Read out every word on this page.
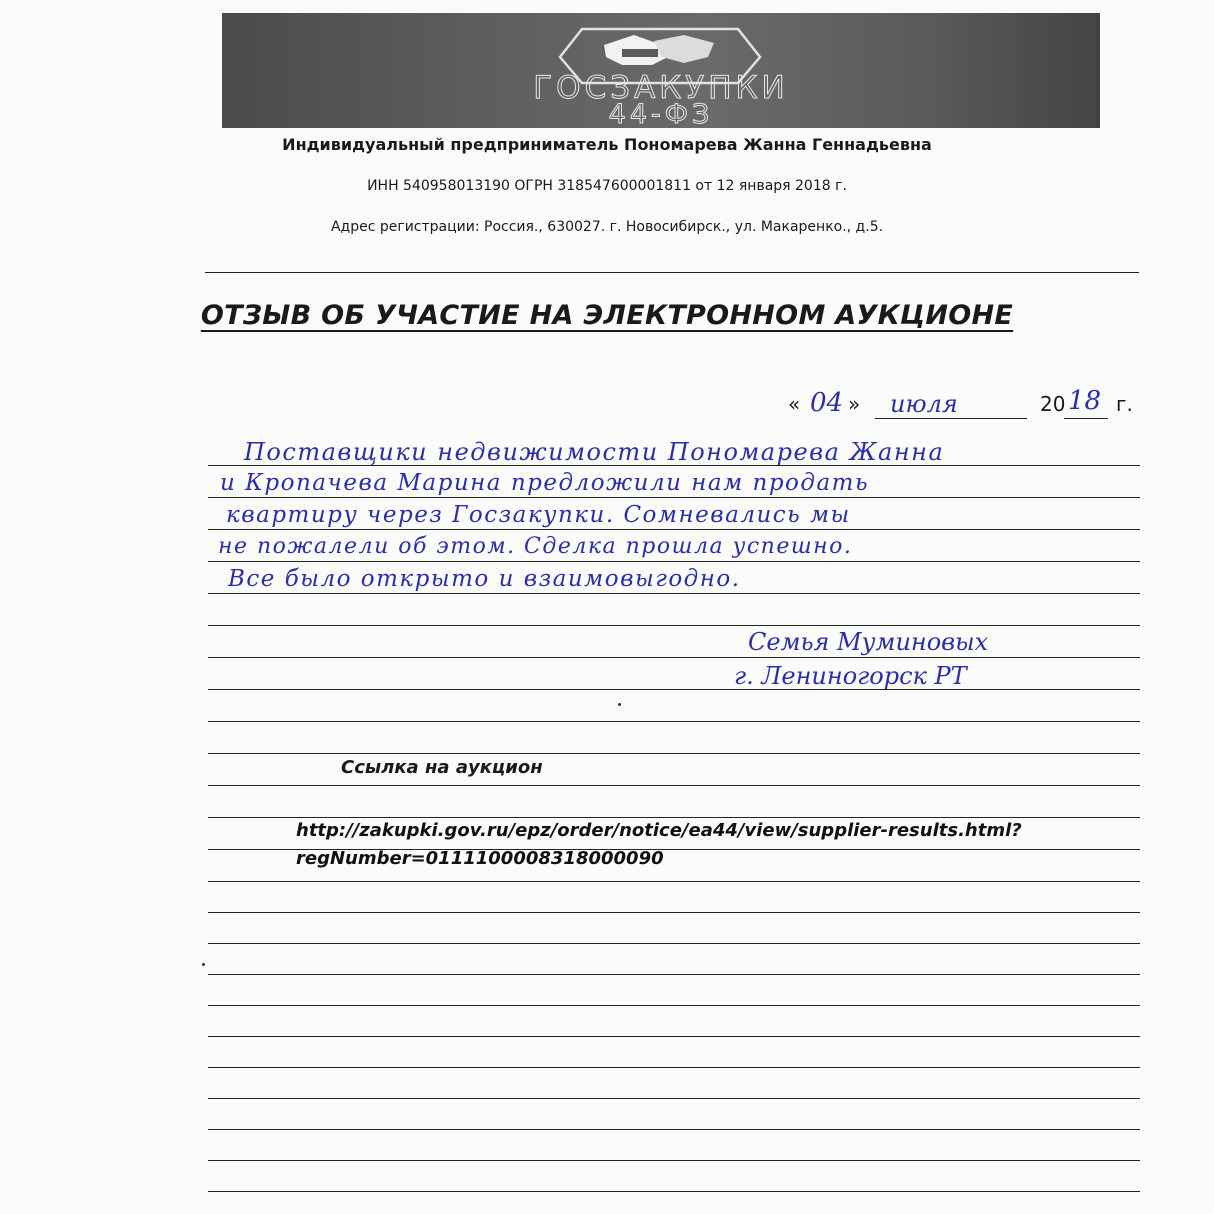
ГОСЗАКУПКИ
44-ФЗ
Индивидуальный предприниматель Пономарева Жанна Геннадьевна
ИНН 540958013190 ОГРН 318547600001811 от 12 января 2018 г.
Адрес регистрации: Россия., 630027. г. Новосибирск., ул. Макаренко., д.5.
ОТЗЫВ ОБ УЧАСТИЕ НА ЭЛЕКТРОННОМ АУКЦИОНЕ
« 04 » июля	20 18 г.
Поставщики недвижимости Пономарева Жанна
и Кропачева Марина предложили нам продать
квартиру через Госзакупки. Сомневались мы
не пожалели об этом. Сделка прошла успешно.
Все было открыто и взаимовыгодно.
Семья Муминовых
г. Лениногорск РТ
Ссылка на аукцион
http://zakupki.gov.ru/epz/order/notice/ea44/view/supplier-results.html?
regNumber=0111100008318000090
